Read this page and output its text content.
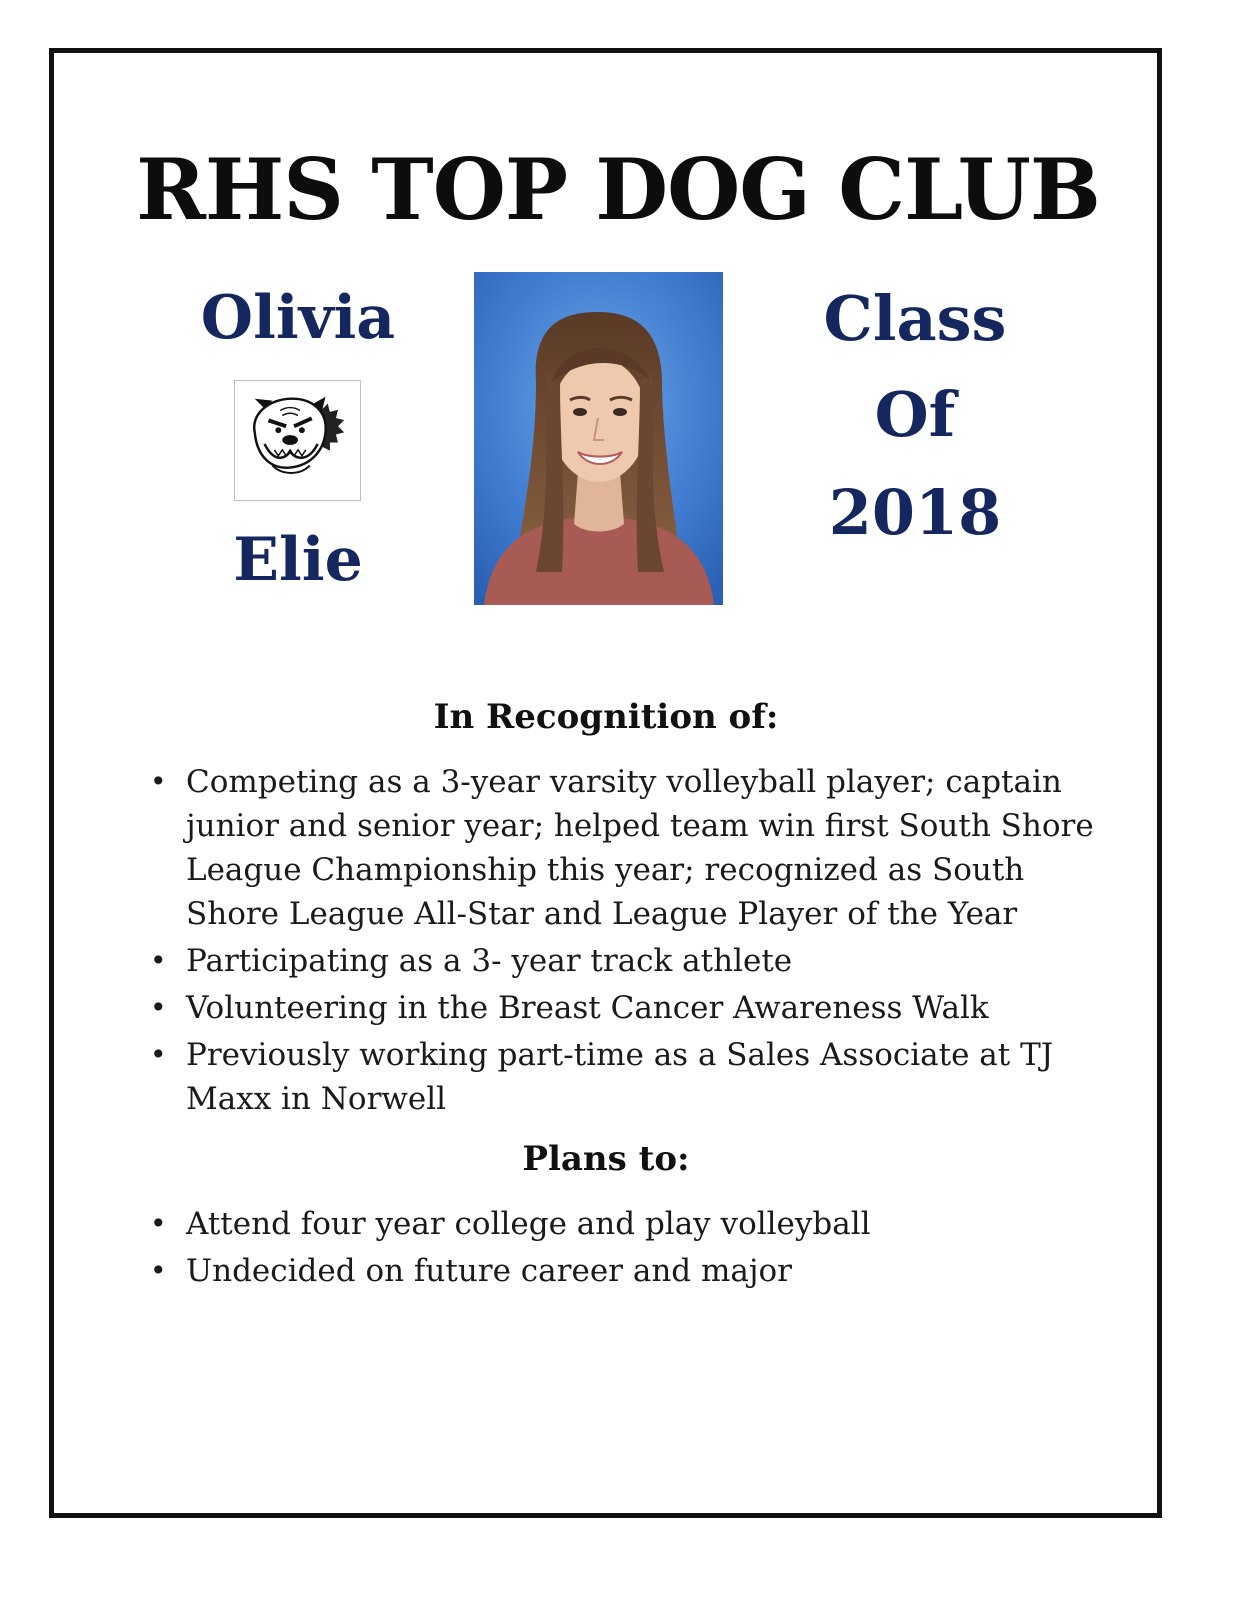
RHS TOP DOG CLUB
Olivia
Elie
Class
Of
2018
In Recognition of:
• Competing as a 3-year varsity volleyball player; captain junior and senior year; helped team win first South Shore League Championship this year; recognized as South Shore League All-Star and League Player of the Year
• Participating as a 3- year track athlete
• Volunteering in the Breast Cancer Awareness Walk
• Previously working part-time as a Sales Associate at TJ Maxx in Norwell
Plans to:
• Attend four year college and play volleyball
• Undecided on future career and major
